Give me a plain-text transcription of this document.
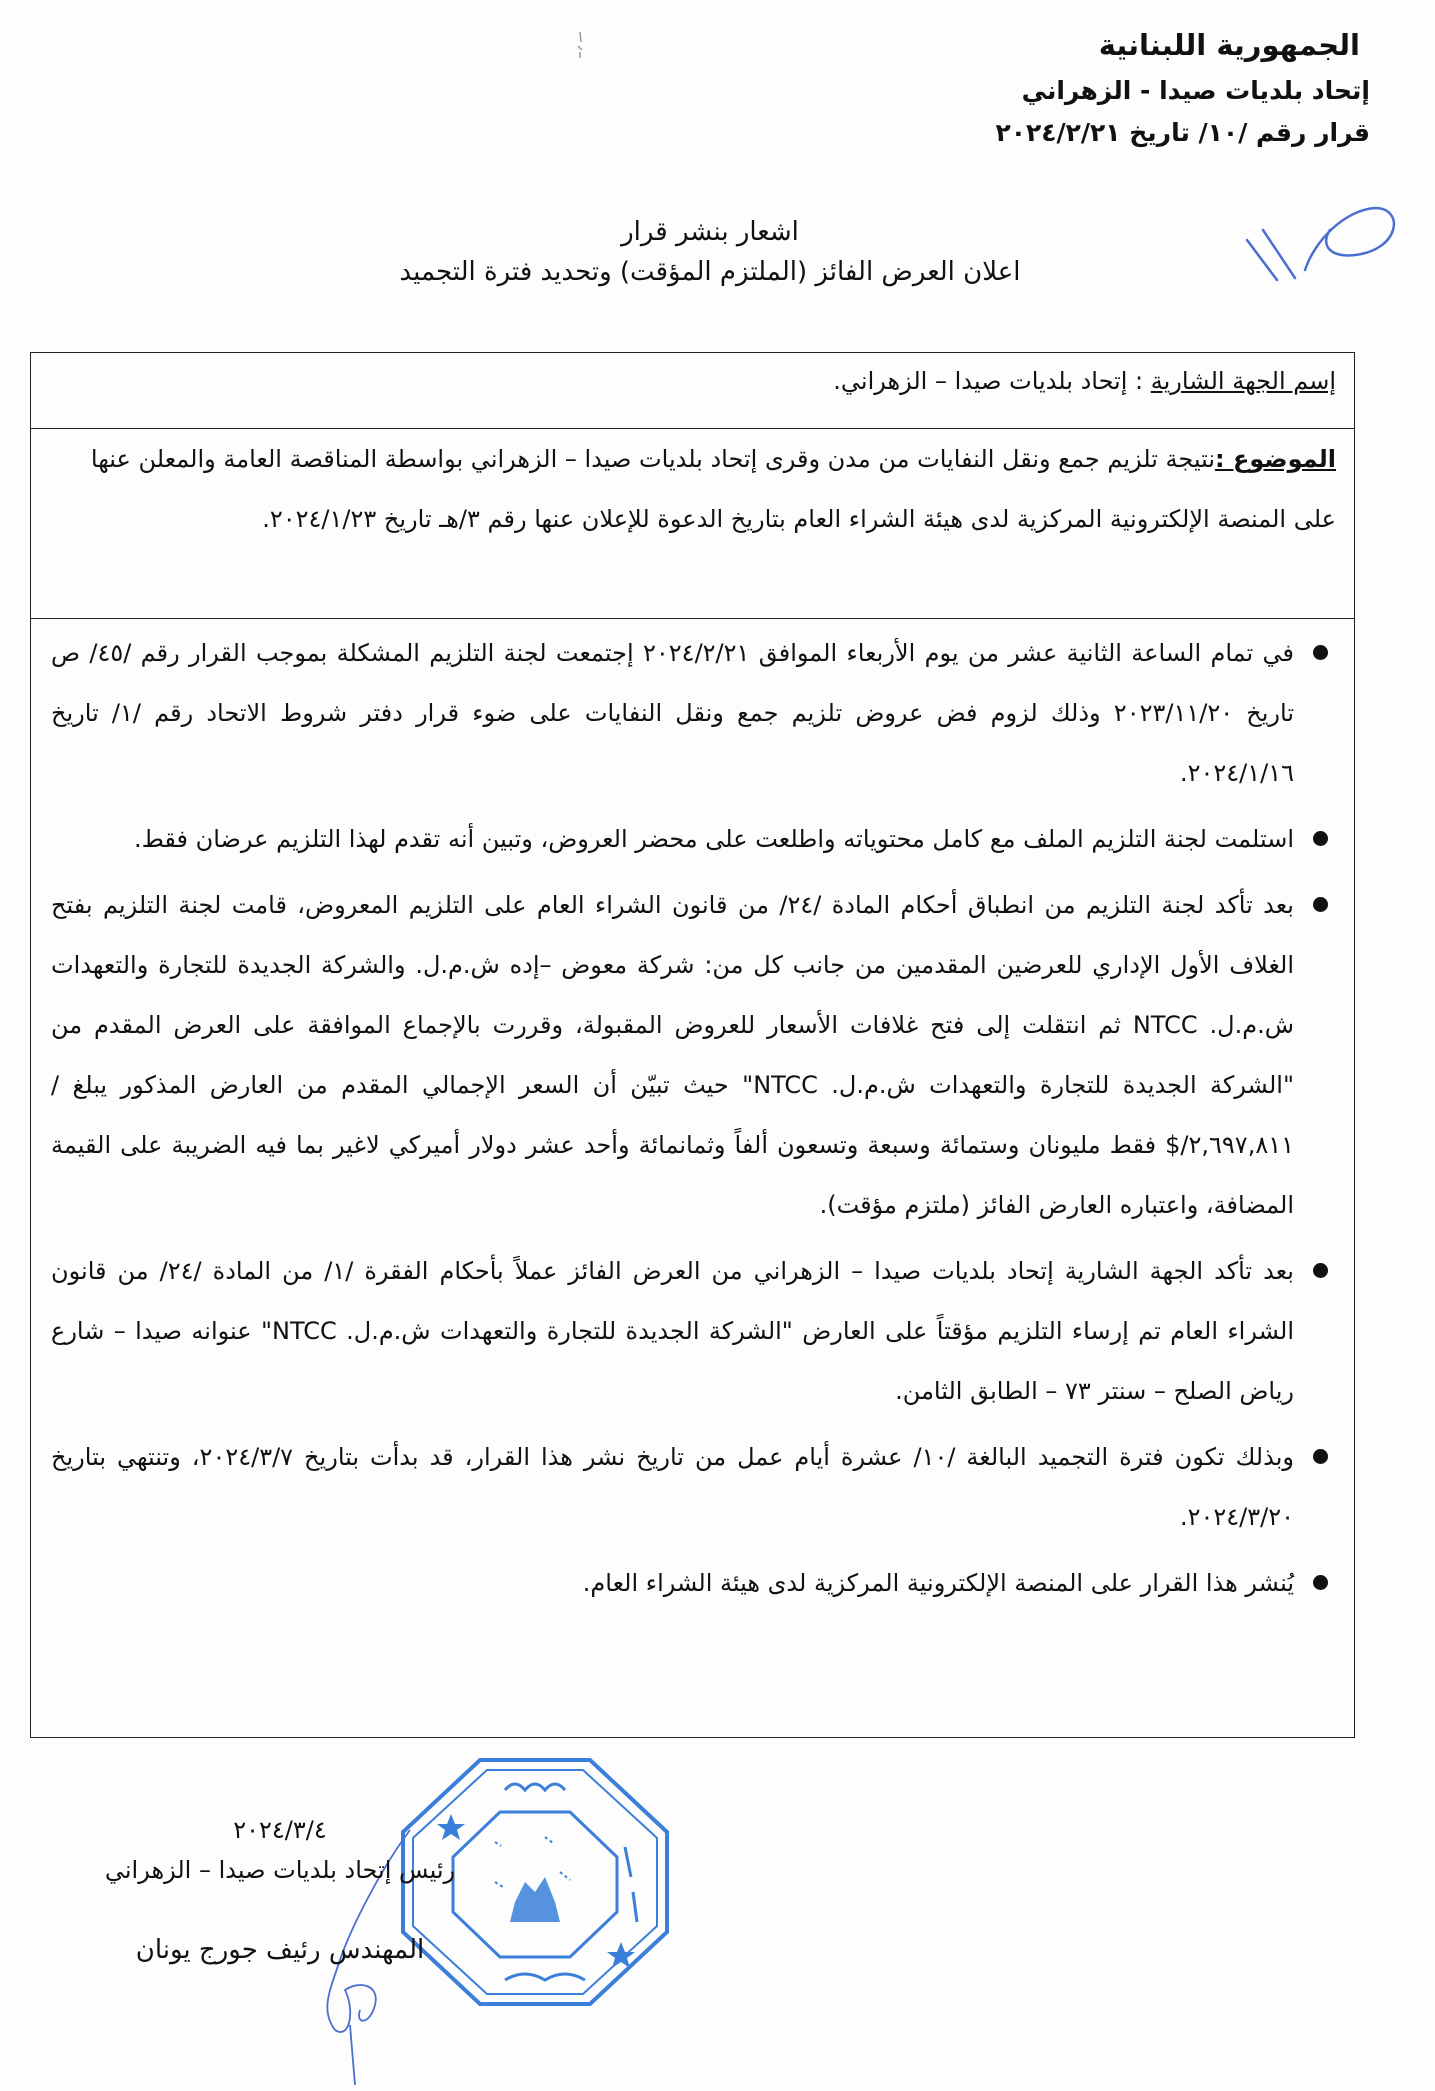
الجمهورية اللبنانية
إتحاد بلديات صيدا - الزهراني
قرار رقم /١٠/ تاريخ ٢٠٢٤/٢/٢١
اشعار بنشر قرار
اعلان العرض الفائز (الملتزم المؤقت) وتحديد فترة التجميد
إسم الجهة الشارية : إتحاد بلديات صيدا – الزهراني.
الموضوع :نتيجة تلزيم جمع ونقل النفايات من مدن وقرى إتحاد بلديات صيدا – الزهراني بواسطة المناقصة العامة والمعلن عنها على المنصة الإلكترونية المركزية لدى هيئة الشراء العام بتاريخ الدعوة للإعلان عنها رقم ٣/هـ تاريخ ٢٠٢٤/١/٢٣.
في تمام الساعة الثانية عشر من يوم الأربعاء الموافق ٢٠٢٤/٢/٢١ إجتمعت لجنة التلزيم المشكلة بموجب القرار رقم /٤٥/ ص تاريخ ٢٠٢٣/١١/٢٠ وذلك لزوم فض عروض تلزيم جمع ونقل النفايات على ضوء قرار دفتر شروط الاتحاد رقم /١/ تاريخ ٢٠٢٤/١/١٦.
استلمت لجنة التلزيم الملف مع كامل محتوياته واطلعت على محضر العروض، وتبين أنه تقدم لهذا التلزيم عرضان فقط.
بعد تأكد لجنة التلزيم من انطباق أحكام المادة /٢٤/ من قانون الشراء العام على التلزيم المعروض، قامت لجنة التلزيم بفتح الغلاف الأول الإداري للعرضين المقدمين من جانب كل من: شركة معوض –إده ش.م.ل. والشركة الجديدة للتجارة والتعهدات ش.م.ل. NTCC ثم انتقلت إلى فتح غلافات الأسعار للعروض المقبولة، وقررت بالإجماع الموافقة على العرض المقدم من "الشركة الجديدة للتجارة والتعهدات ش.م.ل. NTCC" حيث تبيّن أن السعر الإجمالي المقدم من العارض المذكور يبلغ /٢,٦٩٧,٨١١/$ فقط مليونان وستمائة وسبعة وتسعون ألفاً وثمانمائة وأحد عشر دولار أميركي لاغير بما فيه الضريبة على القيمة المضافة، واعتباره العارض الفائز (ملتزم مؤقت).
بعد تأكد الجهة الشارية إتحاد بلديات صيدا – الزهراني من العرض الفائز عملاً بأحكام الفقرة /١/ من المادة /٢٤/ من قانون الشراء العام تم إرساء التلزيم مؤقتاً على العارض "الشركة الجديدة للتجارة والتعهدات ش.م.ل. NTCC" عنوانه صيدا – شارع رياض الصلح – سنتر ٧٣ – الطابق الثامن.
وبذلك تكون فترة التجميد البالغة /١٠/ عشرة أيام عمل من تاريخ نشر هذا القرار، قد بدأت بتاريخ ٢٠٢٤/٣/٧، وتنتهي بتاريخ ٢٠٢٤/٣/٢٠.
يُنشر هذا القرار على المنصة الإلكترونية المركزية لدى هيئة الشراء العام.
٢٠٢٤/٣/٤
رئيس إتحاد بلديات صيدا – الزهراني
المهندس رئيف جورج يونان
